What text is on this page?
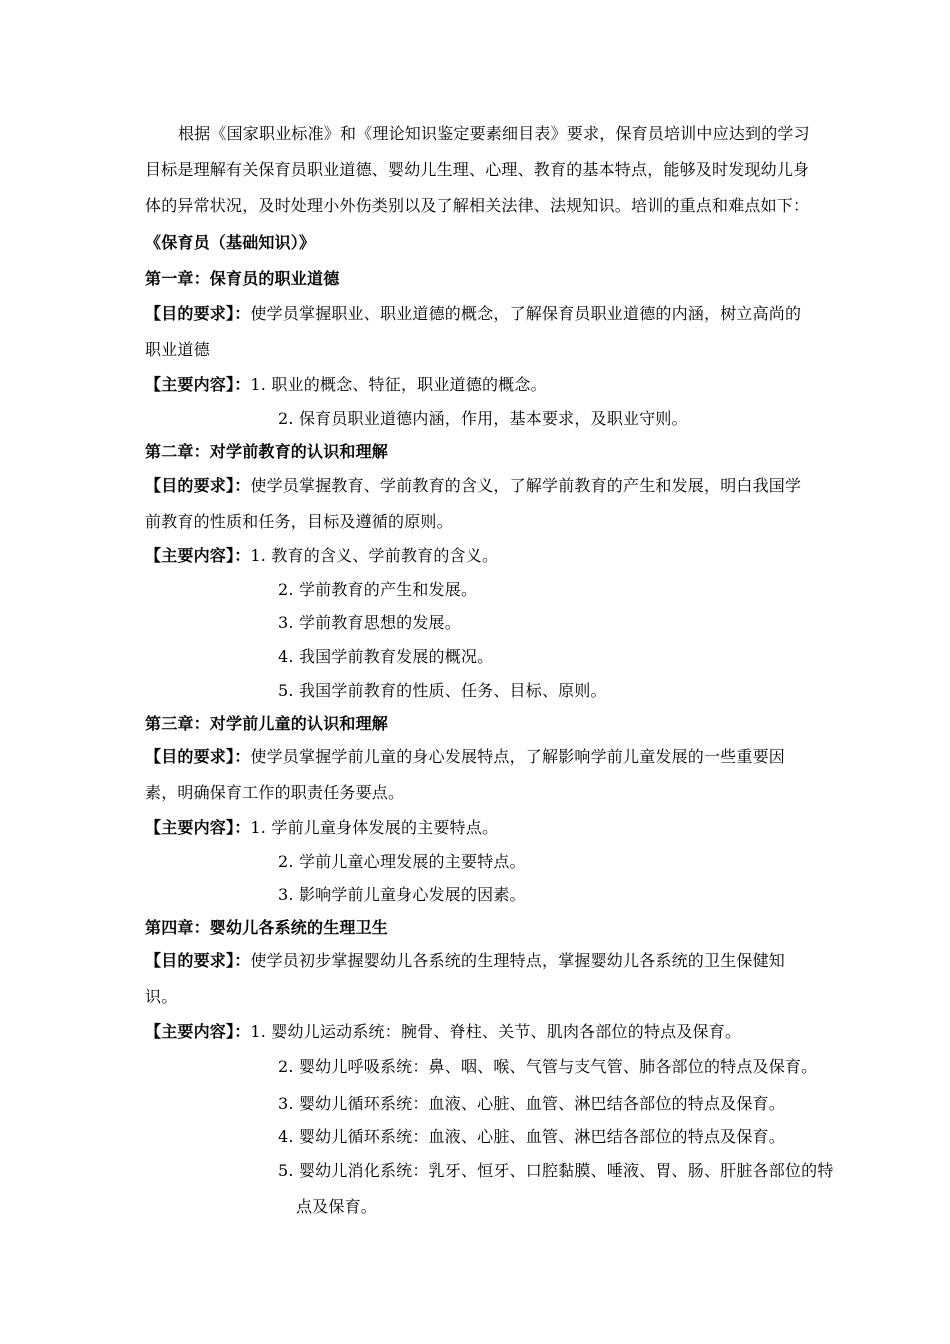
根据《国家职业标准》和《理论知识鉴定要素细目表》要求，保育员培训中应达到的学习
目标是理解有关保育员职业道德、婴幼儿生理、心理、教育的基本特点，能够及时发现幼儿身
体的异常状况，及时处理小外伤类别以及了解相关法律、法规知识。培训的重点和难点如下：
《保育员（基础知识）》
第一章：保育员的职业道德
【目的要求】：使学员掌握职业、职业道德的概念，了解保育员职业道德的内涵，树立高尚的
职业道德
【主要内容】：1. 职业的概念、特征，职业道德的概念。
2. 保育员职业道德内涵，作用，基本要求，及职业守则。
第二章：对学前教育的认识和理解
【目的要求】：使学员掌握教育、学前教育的含义，了解学前教育的产生和发展，明白我国学
前教育的性质和任务，目标及遵循的原则。
【主要内容】：1. 教育的含义、学前教育的含义。
2. 学前教育的产生和发展。
3. 学前教育思想的发展。
4. 我国学前教育发展的概况。
5. 我国学前教育的性质、任务、目标、原则。
第三章：对学前儿童的认识和理解
【目的要求】：使学员掌握学前儿童的身心发展特点，了解影响学前儿童发展的一些重要因
素，明确保育工作的职责任务要点。
【主要内容】：1. 学前儿童身体发展的主要特点。
2. 学前儿童心理发展的主要特点。
3. 影响学前儿童身心发展的因素。
第四章：婴幼儿各系统的生理卫生
【目的要求】：使学员初步掌握婴幼儿各系统的生理特点，掌握婴幼儿各系统的卫生保健知
识。
【主要内容】：1. 婴幼儿运动系统：腕骨、脊柱、关节、肌肉各部位的特点及保育。
2. 婴幼儿呼吸系统：鼻、咽、喉、气管与支气管、肺各部位的特点及保育。
3. 婴幼儿循环系统：血液、心脏、血管、淋巴结各部位的特点及保育。
4. 婴幼儿循环系统：血液、心脏、血管、淋巴结各部位的特点及保育。
5. 婴幼儿消化系统：乳牙、恒牙、口腔黏膜、唾液、胃、肠、肝脏各部位的特
点及保育。
